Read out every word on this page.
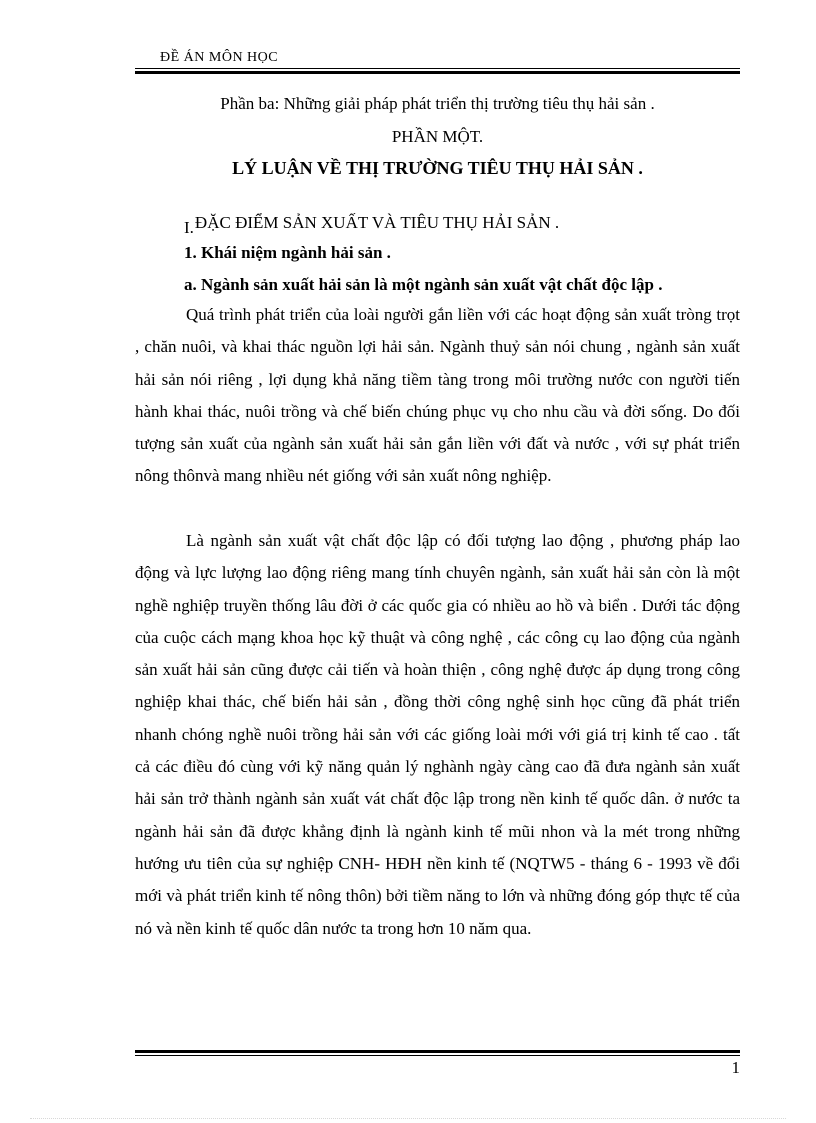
ĐỀ ÁN MÔN HỌC
Phần ba: Những giải pháp phát triển thị trường tiêu thụ hải sản .
PHẦN MỘT.
LÝ LUẬN VỀ THỊ TRƯỜNG TIÊU THỤ HẢI SẢN .
I.ĐẶC ĐIỂM SẢN XUẤT VÀ TIÊU THỤ HẢI SẢN .
1. Khái niệm ngành hải sản .
a. Ngành sản xuất hải sản là một ngành sản xuất vật chất độc lập .

Quá trình phát triển của loài người gắn liền với các hoạt động sản xuất tròng trọt , chăn nuôi, và khai thác nguồn lợi hải sản. Ngành thuỷ sản nói chung , ngành sản xuất hải sản nói riêng , lợi dụng khả năng tiềm tàng trong môi trường nước con người tiến hành khai thác, nuôi trồng và chế biến chúng phục vụ cho nhu cầu và đời sống. Do đối tượng sản xuất của ngành sản xuất hải sản gắn liền với đất và nước , với sự phát triển nông thônvà mang nhiều nét giống với sản xuất nông nghiệp.

Là ngành sản xuất vật chất độc lập có đối tượng lao động , phương pháp lao động và lực lượng lao động riêng mang tính chuyên ngành, sản xuất hải sản còn là một nghề nghiệp truyền thống lâu đời ở các quốc gia có nhiều ao hồ và biển . Dưới tác động của cuộc cách mạng khoa học kỹ thuật và công nghệ , các công cụ lao động của ngành sản xuất hải sản cũng được cải tiến và hoàn thiện , công nghệ được áp dụng trong công nghiệp khai thác, chế biến hải sản , đồng thời công nghệ sinh học cũng đã phát triển nhanh chóng nghề nuôi trồng hải sản với các giống loài mới với giá trị kinh tế cao . tất cả các điều đó cùng với kỹ năng quản lý nghành ngày càng cao đã đưa ngành sản xuất hải sản trở thành ngành sản xuất vát chất độc lập trong nền kinh tế quốc dân. ở nước ta ngành hải sản đã được khẳng định là ngành kinh tế mũi nhon và la mét trong những hướng ưu tiên của sự nghiệp CNH- HĐH nền kinh tế (NQTW5 - tháng 6 - 1993 về đổi mới và phát triển kinh tế nông thôn) bởi tiềm năng to lớn và những đóng góp thực tế của nó và nền kinh tế quốc dân nước ta trong hơn 10 năm qua.

1
